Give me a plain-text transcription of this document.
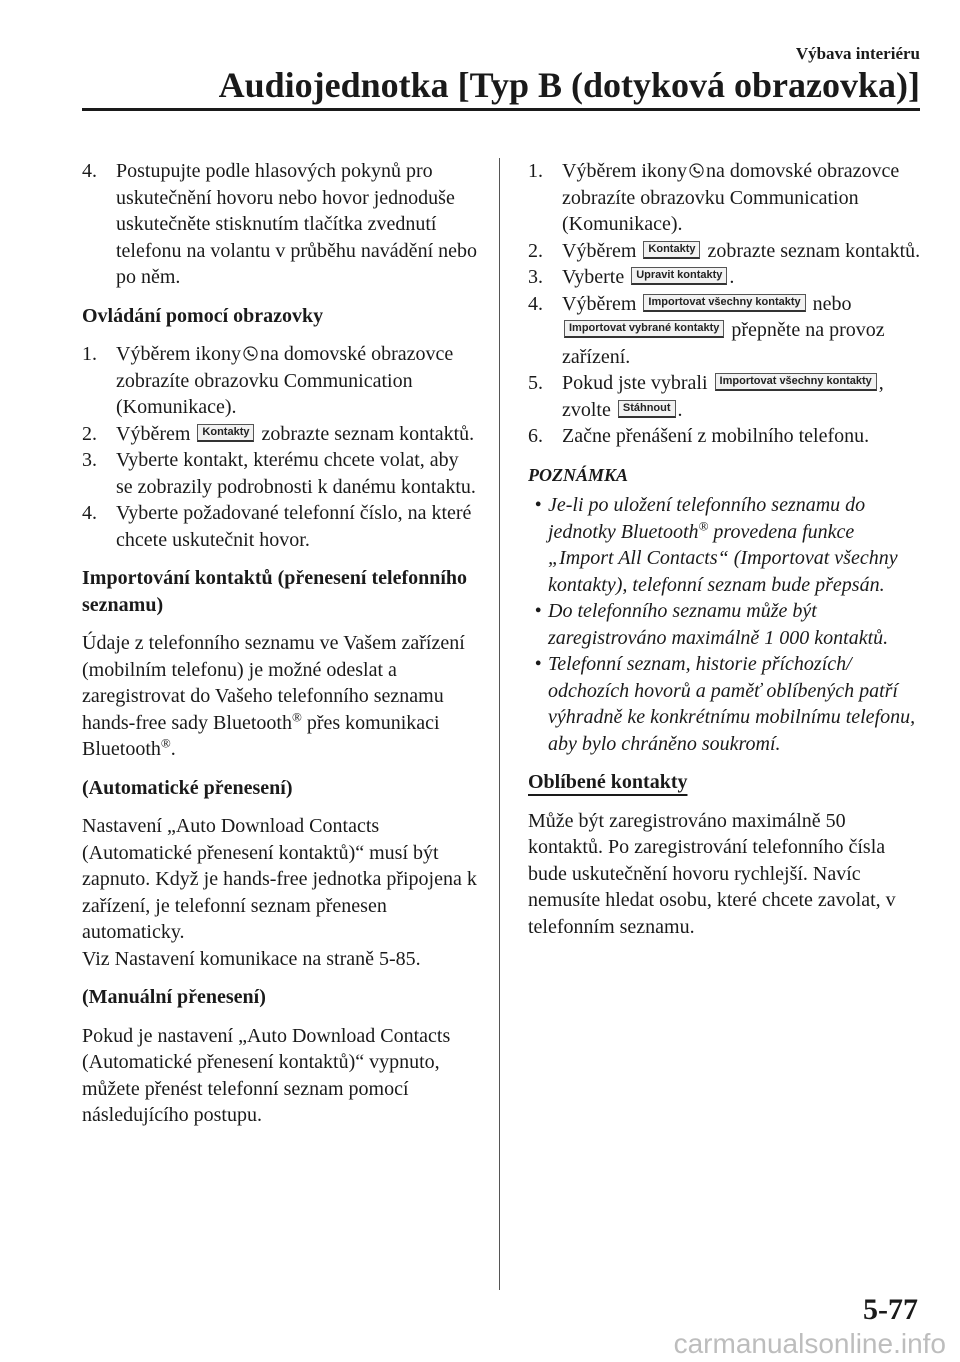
Výbava interiéru
Audiojednotka [Typ B (dotyková obrazovka)]
4. Postupujte podle hlasových pokynů pro uskutečnění hovoru nebo hovor jednoduše uskutečněte stisknutím tlačítka zvednutí telefonu na volantu v průběhu navádění nebo po něm.

Ovládání pomocí obrazovky

1. Výběrem ikony na domovské obrazovce zobrazíte obrazovku Communication (Komunikace).
2. Výběrem Kontakty zobrazte seznam kontaktů.
3. Vyberte kontakt, kterému chcete volat, aby se zobrazily podrobnosti k danému kontaktu.
4. Vyberte požadované telefonní číslo, na které chcete uskutečnit hovor.

Importování kontaktů (přenesení telefonního seznamu)

Údaje z telefonního seznamu ve Vašem zařízení (mobilním telefonu) je možné odeslat a zaregistrovat do Vašeho telefonního seznamu hands-free sady Bluetooth® přes komunikaci Bluetooth®.

(Automatické přenesení)

Nastavení „Auto Download Contacts (Automatické přenesení kontaktů)“ musí být zapnuto. Když je hands-free jednotka připojena k zařízení, je telefonní seznam přenesen automaticky.

Viz Nastavení komunikace na straně 5-85.

(Manuální přenesení)

Pokud je nastavení „Auto Download Contacts (Automatické přenesení kontaktů)“ vypnuto, můžete přenést telefonní seznam pomocí následujícího postupu.

1. Výběrem ikony na domovské obrazovce zobrazíte obrazovku Communication (Komunikace).
2. Výběrem Kontakty zobrazte seznam kontaktů.
3. Vyberte Upravit kontakty .
4. Výběrem Importovat všechny kontakty nebo Importovat vybrané kontakty přepněte na provoz zařízení.
5. Pokud jste vybrali Importovat všechny kontakty , zvolte Stáhnout .
6. Začne přenášení z mobilního telefonu.

POZNÁMKA

• Je-li po uložení telefonního seznamu do jednotky Bluetooth® provedena funkce „Import All Contacts“ (Importovat všechny kontakty), telefonní seznam bude přepsán.
• Do telefonního seznamu může být zaregistrováno maximálně 1 000 kontaktů.
• Telefonní seznam, historie příchozích/ odchozích hovorů a paměť oblíbených patří výhradně ke konkrétnímu mobilnímu telefonu, aby bylo chráněno soukromí.

Oblíbené kontakty

Může být zaregistrováno maximálně 50 kontaktů. Po zaregistrování telefonního čísla bude uskutečnění hovoru rychlejší. Navíc nemusíte hledat osobu, které chcete zavolat, v telefonním seznamu.

5-77
carmanualsonline.info
